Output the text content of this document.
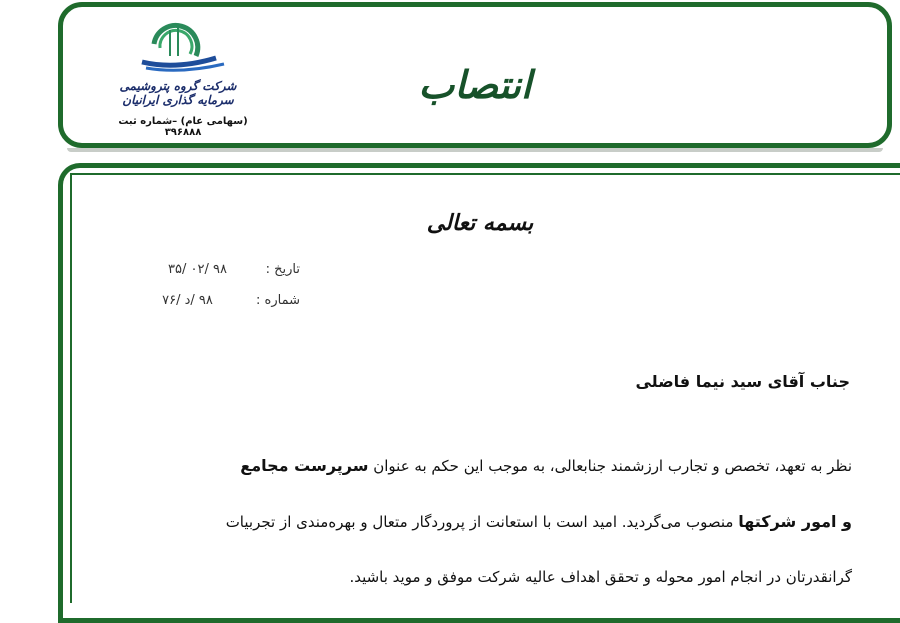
شرکت گروه پتروشیمی سرمایه گذاری ایرانیان
(سهامی عام) –شماره ثبت ۳۹۶۸۸۸
انتصاب
بسمه تعالی
تاریخ :
۹۸ /۰۲ /۳۵
شماره :
۹۸ /د /۷۶
جناب آقای سید نیما فاضلی
نظر به تعهد، تخصص و تجارب ارزشمند جنابعالی، به موجب این حکم به عنوان سرپرست مجامع
و امور شرکتها منصوب می‌گردید. امید است با استعانت از پروردگار متعال و بهره‌مندی از تجربیات
گرانقدرتان در انجام امور محوله و تحقق اهداف عالیه شرکت موفق و موید باشید.
